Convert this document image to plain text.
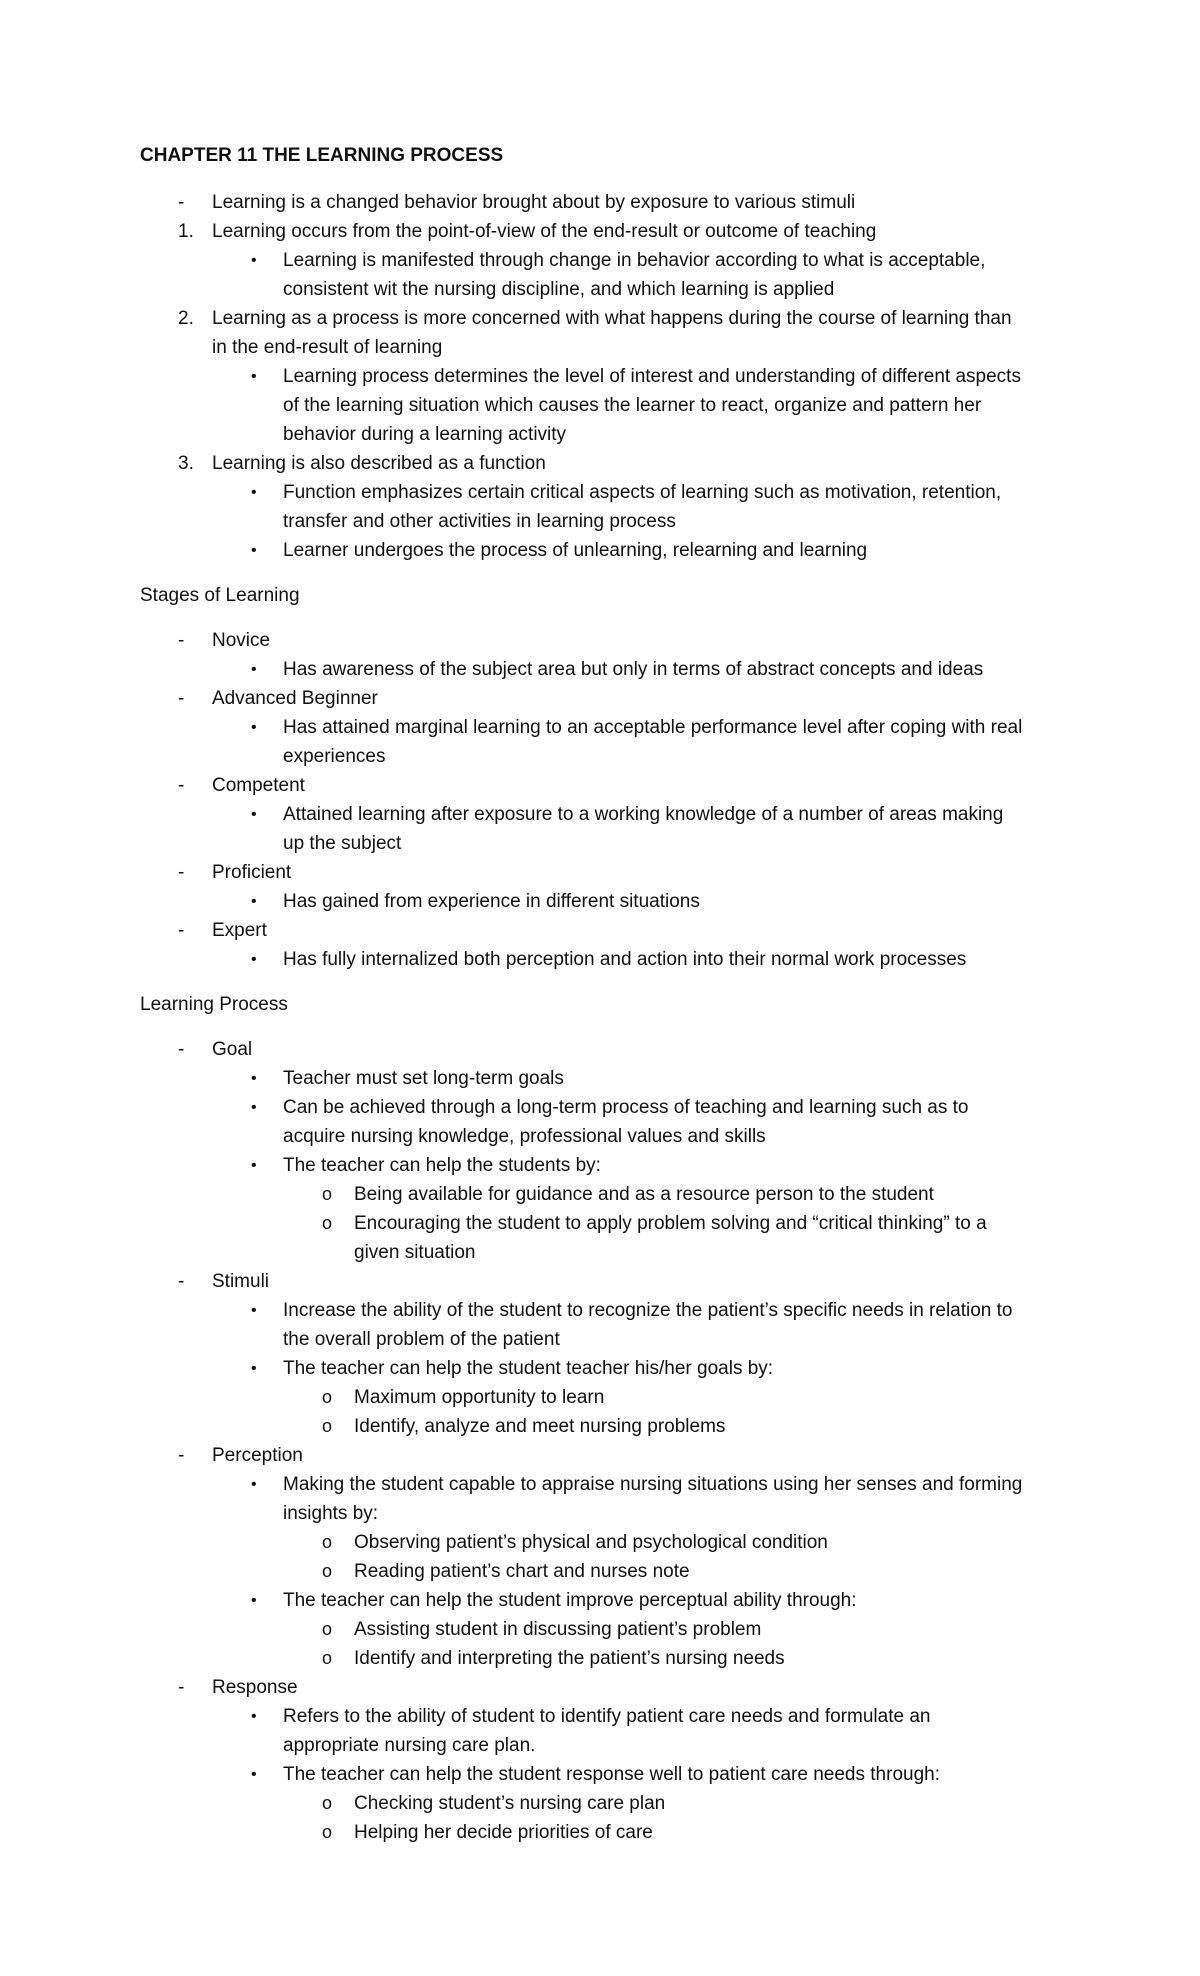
CHAPTER 11 THE LEARNING PROCESS
- Learning is a changed behavior brought about by exposure to various stimuli
1. Learning occurs from the point-of-view of the end-result or outcome of teaching
• Learning is manifested through change in behavior according to what is acceptable,
consistent wit the nursing discipline, and which learning is applied
2. Learning as a process is more concerned with what happens during the course of learning than
in the end-result of learning
• Learning process determines the level of interest and understanding of different aspects
of the learning situation which causes the learner to react, organize and pattern her
behavior during a learning activity
3. Learning is also described as a function
• Function emphasizes certain critical aspects of learning such as motivation, retention,
transfer and other activities in learning process
• Learner undergoes the process of unlearning, relearning and learning
Stages of Learning
- Novice
• Has awareness of the subject area but only in terms of abstract concepts and ideas
- Advanced Beginner
• Has attained marginal learning to an acceptable performance level after coping with real
experiences
- Competent
• Attained learning after exposure to a working knowledge of a number of areas making
up the subject
- Proficient
• Has gained from experience in different situations
- Expert
• Has fully internalized both perception and action into their normal work processes
Learning Process
- Goal
• Teacher must set long-term goals
• Can be achieved through a long-term process of teaching and learning such as to
acquire nursing knowledge, professional values and skills
• The teacher can help the students by:
o Being available for guidance and as a resource person to the student
o Encouraging the student to apply problem solving and “critical thinking” to a
given situation
- Stimuli
• Increase the ability of the student to recognize the patient’s specific needs in relation to
the overall problem of the patient
• The teacher can help the student teacher his/her goals by:
o Maximum opportunity to learn
o Identify, analyze and meet nursing problems
- Perception
• Making the student capable to appraise nursing situations using her senses and forming
insights by:
o Observing patient’s physical and psychological condition
o Reading patient’s chart and nurses note
• The teacher can help the student improve perceptual ability through:
o Assisting student in discussing patient’s problem
o Identify and interpreting the patient’s nursing needs
- Response
• Refers to the ability of student to identify patient care needs and formulate an
appropriate nursing care plan.
• The teacher can help the student response well to patient care needs through:
o Checking student’s nursing care plan
o Helping her decide priorities of care
